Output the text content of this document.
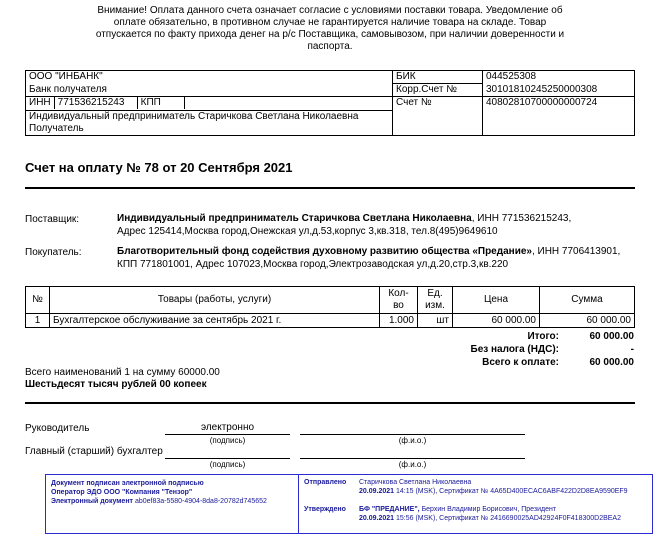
Внимание! Оплата данного счета означает согласие с условиями поставки товара. Уведомление об оплате обязательно, в противном случае не гарантируется наличие товара на складе. Товар отпускается по факту прихода денег на р/с Поставщика, самовывозом, при наличии доверенности и паспорта.
ООО "ИНБАНК"	БИК	044525308
Банк получателя	Корр.Счет №	30101810245250000308

ИНН 771536215243 КПП	Счет №	40802810700000000724

Индивидуальный предприниматель Старичкова Светлана Николаевна
Получатель		
Счет на оплату № 78 от 20 Сентября 2021
Поставщик:	Индивидуальный предприниматель Старичкова Светлана Николаевна, ИНН 771536215243,
Адрес 125414,Москва город,Онежская ул,д.53,корпус 3,кв.318, тел.8(495)9649610
Покупатель:	Благотворительный фонд содействия духовному развитию общества «Предание», ИНН 7706413901,
КПП 771801001, Адрес 107023,Москва город,Электрозаводская ул,д.20,стр.3,кв.220
№	Товары (работы, услуги)	Кол-во	Ед. изм.	Цена	Сумма
1	Бухгалтерское обслуживание за сентябрь 2021 г.	1.000	шт	60 000.00	60 000.00
Итого:	60 000.00
Без налога (НДС):	-
Всего к оплате:	60 000.00
Всего наименований 1 на сумму 60000.00
Шестьдесят тысяч рублей 00 копеек
Руководитель	электронно
(подпись)	(ф.и.о.)
Главный (старший) бухгалтер
(подпись)	(ф.и.о.)
Документ подписан электронной подписью
Оператор ЭДО ООО "Компания "Тензор"
Электронный документ ab0ef83a-5580-4904-8da8-20782d745652
Отправлено Старичкова Светлана Николаевна
20.09.2021 14:15 (MSK), Сертификат № 4A65D400ECAC6ABF422D2D8EA9590EF9
Утверждено БФ "ПРЕДАНИЕ", Берхин Владимир Борисович, Президент
20.09.2021 15:56 (MSK), Сертификат № 2416690025AD42924F0F418300D2BEA2
